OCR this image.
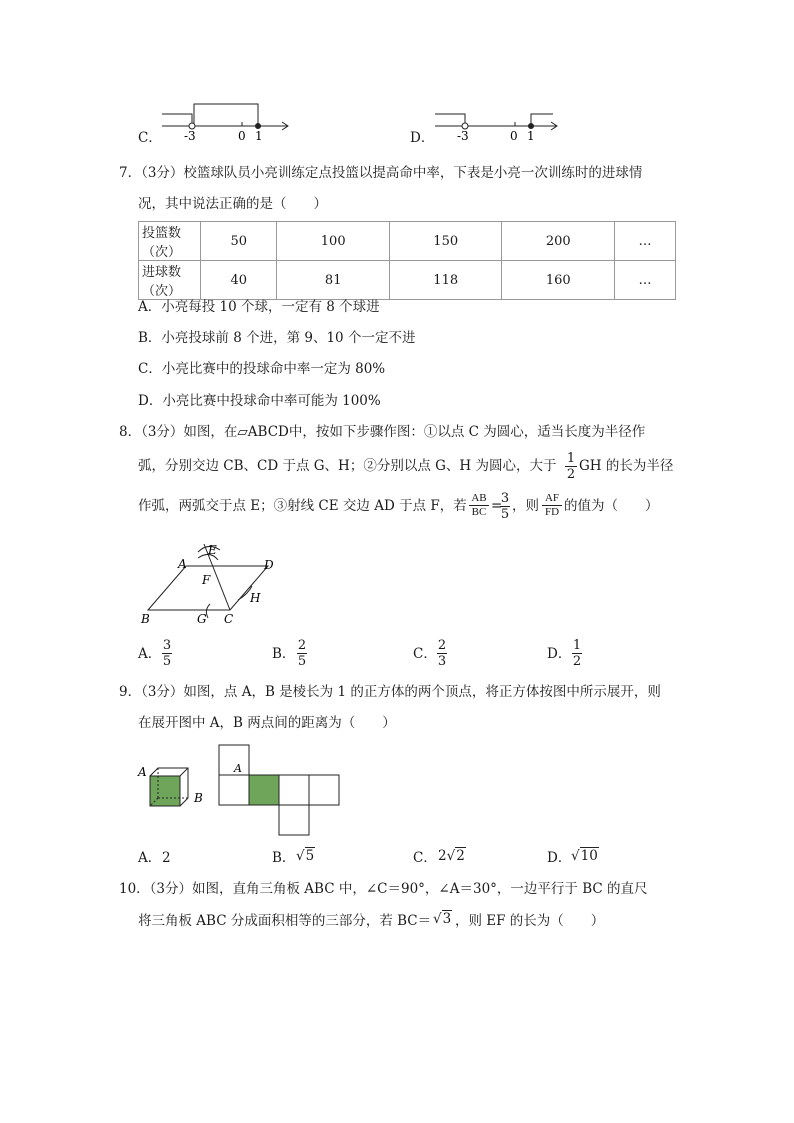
C． -3	0 1	D． -3	0 1
7．（3分）校篮球队员小亮训练定点投篮以提高命中率，下表是小亮一次训练时的进球情
况，其中说法正确的是（　　）
投篮数（次）	50	100	150	200	…
进球数（次）	40	81	118	160	…
A．小亮每投 10 个球，一定有 8 个球进
B．小亮投球前 8 个进，第 9、10 个一定不进
C．小亮比赛中的投球命中率一定为 80%
D．小亮比赛中投球命中率可能为 100%
8．（3分）如图，在▱ABCD中，按如下步骤作图：①以点 C 为圆心，适当长度为半径作
弧，分别交边 CB、CD 于点 G、H；②分别以点 G、H 为圆心，大于 1
2
GH 的长为半径
作弧，两弧交于点 E；③射线 CE 交边 AD 于点 F，若 AB
BC =
3
5
，则 AF
FD 的值为（　　）
A	D
B	C
G
H
E
F
A．
3
5	B．
2
5	C．
2
3	D．
1
2
9．（3分）如图，点 A，B 是棱长为 1 的正方体的两个顶点，将正方体按图中所示展开，则
在展开图中 A，B 两点间的距离为（　　）
A
B
A
A． 2	B． √5	C． 2√2	D． √10
10．（3分）如图，直角三角板 ABC 中，∠C＝90°，∠A＝30°，一边平行于 BC 的直尺
将三角板 ABC 分成面积相等的三部分，若 BC＝ √3 ，则 EF 的长为（　　）
